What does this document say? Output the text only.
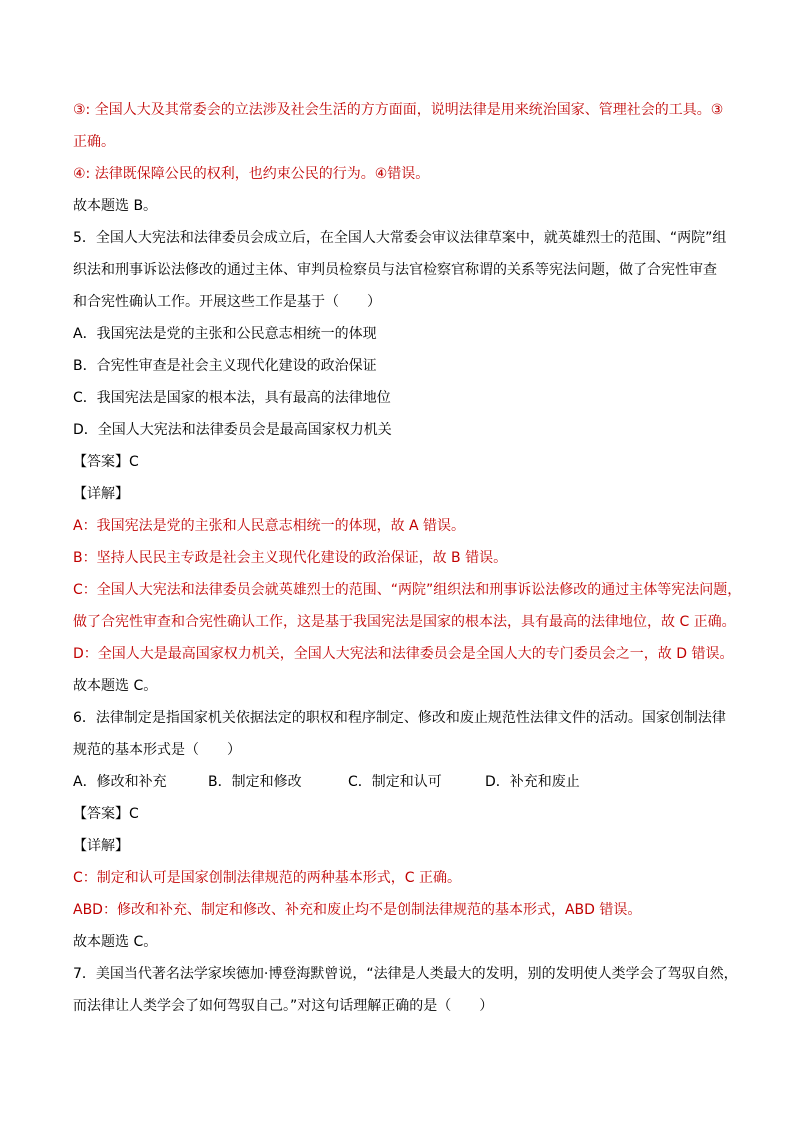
③: 全国人大及其常委会的立法涉及社会生活的方方面面，说明法律是用来统治国家、管理社会的工具。③
正确。
④: 法律既保障公民的权利，也约束公民的行为。④错误。
故本题选 B。
5．全国人大宪法和法律委员会成立后，在全国人大常委会审议法律草案中，就英雄烈士的范围、“两院”组
织法和刑事诉讼法修改的通过主体、审判员检察员与法官检察官称谓的关系等宪法问题，做了合宪性审查
和合宪性确认工作。开展这些工作是基于（　　）
A．我国宪法是党的主张和公民意志相统一的体现
B．合宪性审查是社会主义现代化建设的政治保证
C．我国宪法是国家的根本法，具有最高的法律地位
D．全国人大宪法和法律委员会是最高国家权力机关
【答案】C
【详解】
A：我国宪法是党的主张和人民意志相统一的体现，故 A 错误。
B：坚持人民民主专政是社会主义现代化建设的政治保证，故 B 错误。
C：全国人大宪法和法律委员会就英雄烈士的范围、“两院”组织法和刑事诉讼法修改的通过主体等宪法问题，
做了合宪性审查和合宪性确认工作，这是基于我国宪法是国家的根本法，具有最高的法律地位，故 C 正确。
D：全国人大是最高国家权力机关，全国人大宪法和法律委员会是全国人大的专门委员会之一，故 D 错误。
故本题选 C。
6．法律制定是指国家机关依据法定的职权和程序制定、修改和废止规范性法律文件的活动。国家创制法律
规范的基本形式是（　　）
A．修改和补充	B．制定和修改	C．制定和认可	D．补充和废止
【答案】C
【详解】
C：制定和认可是国家创制法律规范的两种基本形式，C 正确。
ABD：修改和补充、制定和修改、补充和废止均不是创制法律规范的基本形式，ABD 错误。
故本题选 C。
7．美国当代著名法学家埃德加·博登海默曾说，“法律是人类最大的发明，别的发明使人类学会了驾驭自然，
而法律让人类学会了如何驾驭自己。”对这句话理解正确的是（　　）
